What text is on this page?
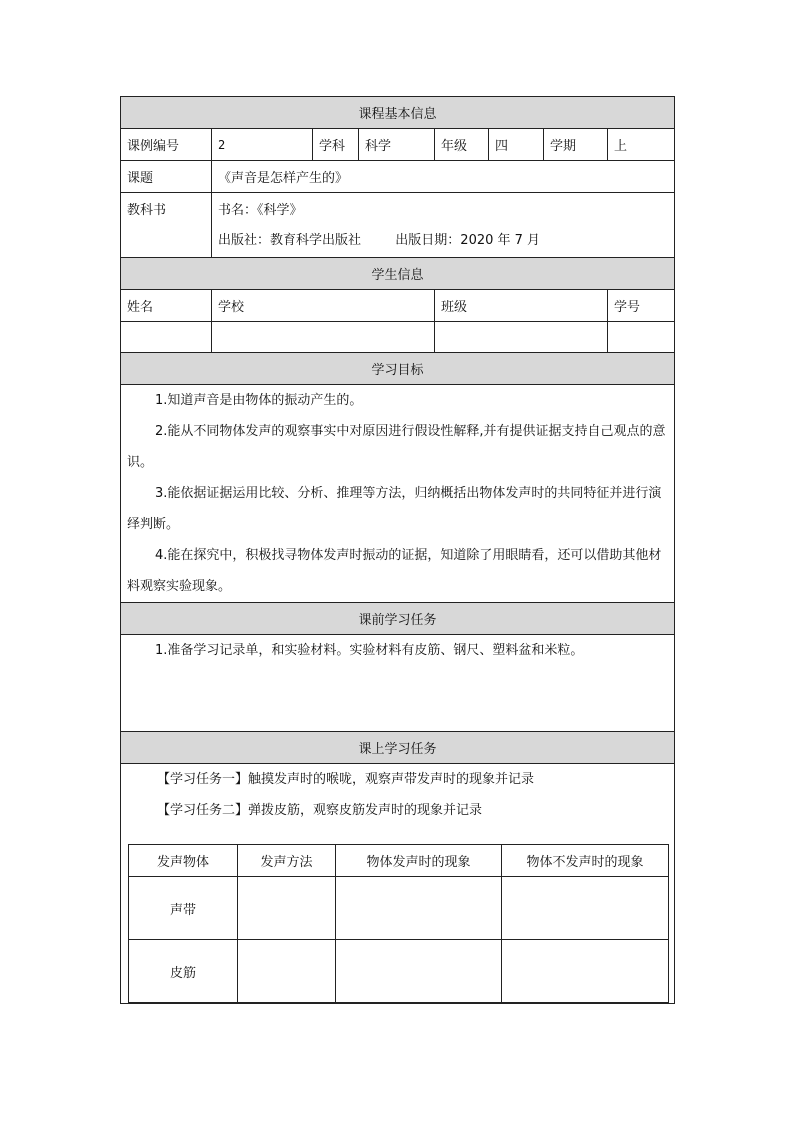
课程基本信息
课例编号	2	学科	科学	年级	四	学期	上
课题	《声音是怎样产生的》
教科书	书名：《科学》
出版社：教育科学出版社	出版日期：2020 年 7 月

学生信息
姓名	学校	班级	学号

学习目标

1.知道声音是由物体的振动产生的。

2.能从不同物体发声的观察事实中对原因进行假设性解释,并有提供证据支持自己观点的意识。

3.能依据证据运用比较、分析、推理等方法，归纳概括出物体发声时的共同特征并进行演绎判断。

4.能在探究中，积极找寻物体发声时振动的证据，知道除了用眼睛看，还可以借助其他材料观察实验现象。

课前学习任务

1.准备学习记录单，和实验材料。实验材料有皮筋、钢尺、塑料盆和米粒。

课上学习任务

【学习任务一】触摸发声时的喉咙，观察声带发声时的现象并记录

【学习任务二】弹拨皮筋，观察皮筋发声时的现象并记录

发声物体	发声方法	物体发声时的现象	物体不发声时的现象
声带			
皮筋			
